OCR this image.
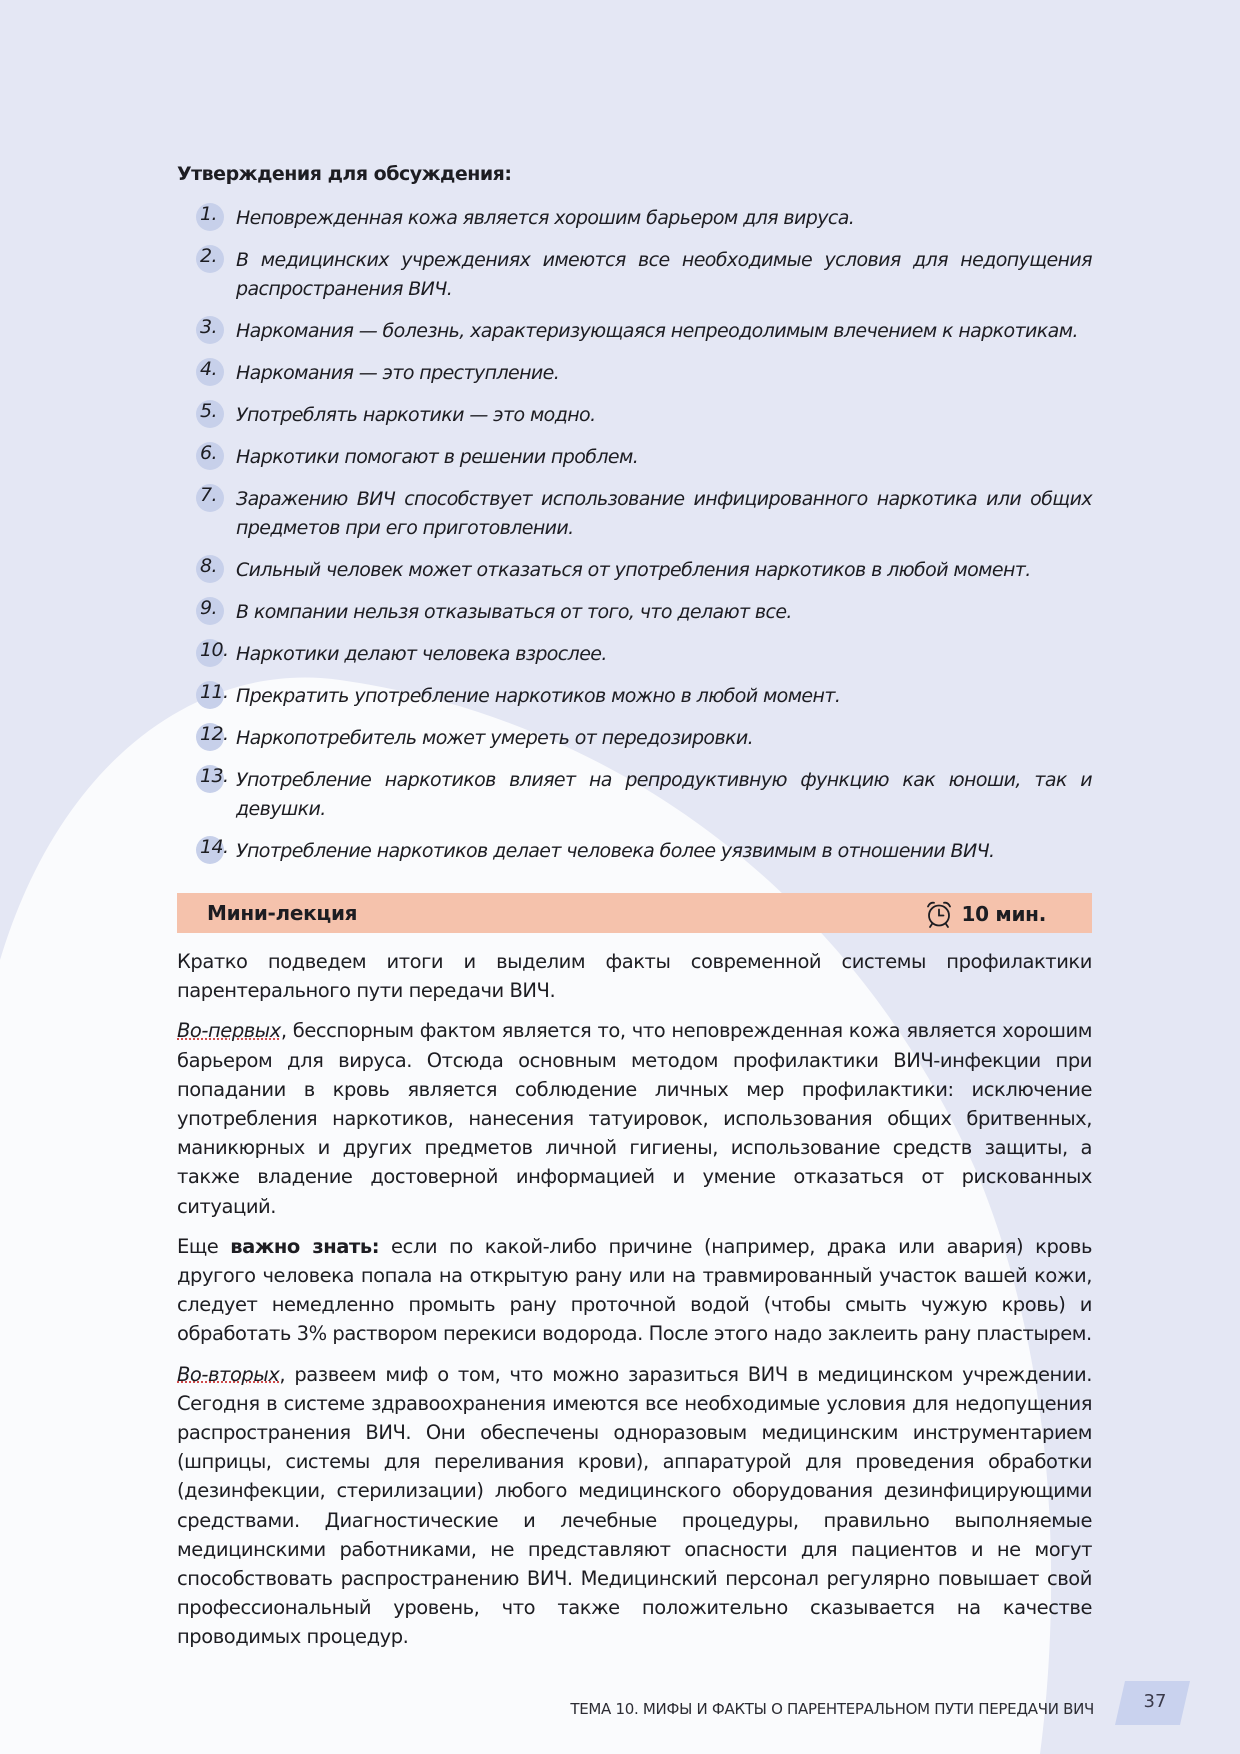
Утверждения для обсуждения:

1. Неповрежденная кожа является хорошим барьером для вируса.
2. В медицинских учреждениях имеются все необходимые условия для недопущения распространения ВИЧ.
3. Наркомания — болезнь, характеризующаяся непреодолимым влечением к наркотикам.
4. Наркомания — это преступление.
5. Употреблять наркотики — это модно.
6. Наркотики помогают в решении проблем.
7. Заражению ВИЧ способствует использование инфицированного наркотика или общих предметов при его приготовлении.
8. Сильный человек может отказаться от употребления наркотиков в любой момент.
9. В компании нельзя отказываться от того, что делают все.
10. Наркотики делают человека взрослее.
11. Прекратить употребление наркотиков можно в любой момент.
12. Наркопотребитель может умереть от передозировки.
13. Употребление наркотиков влияет на репродуктивную функцию как юноши, так и девушки.
14. Употребление наркотиков делает человека более уязвимым в отношении ВИЧ.
Мини-лекция	10 мин.

Кратко подведем итоги и выделим факты современной системы профилактики парентерального пути передачи ВИЧ.

Во-первых, бесспорным фактом является то, что неповрежденная кожа является хорошим барьером для вируса. Отсюда основным методом профилактики ВИЧ-инфекции при попадании в кровь является соблюдение личных мер профилактики: исключение употребления наркотиков, нанесения татуировок, использования общих бритвенных, маникюрных и других предметов личной гигиены, использование средств защиты, а также владение достоверной информацией и умение отказаться от рискованных ситуаций.

Еще важно знать: если по какой-либо причине (например, драка или авария) кровь другого человека попала на открытую рану или на травмированный участок вашей кожи, следует немедленно промыть рану проточной водой (чтобы смыть чужую кровь) и обработать 3% раствором перекиси водорода. После этого надо заклеить рану пластырем.

Во-вторых, развеем миф о том, что можно заразиться ВИЧ в медицинском учреждении. Сегодня в системе здравоохранения имеются все необходимые условия для недопущения распространения ВИЧ. Они обеспечены одноразовым медицинским инструментарием (шприцы, системы для переливания крови), аппаратурой для проведения обработки (дезинфекции, стерилизации) любого медицинского оборудования дезинфицирующими средствами. Диагностические и лечебные процедуры, правильно выполняемые медицинскими работниками, не представляют опасности для пациентов и не могут способствовать распространению ВИЧ. Медицинский персонал регулярно повышает свой профессиональный уровень, что также положительно сказывается на качестве проводимых процедур.

ТЕМА 10. МИФЫ И ФАКТЫ О ПАРЕНТЕРАЛЬНОМ ПУТИ ПЕРЕДАЧИ ВИЧ	37
